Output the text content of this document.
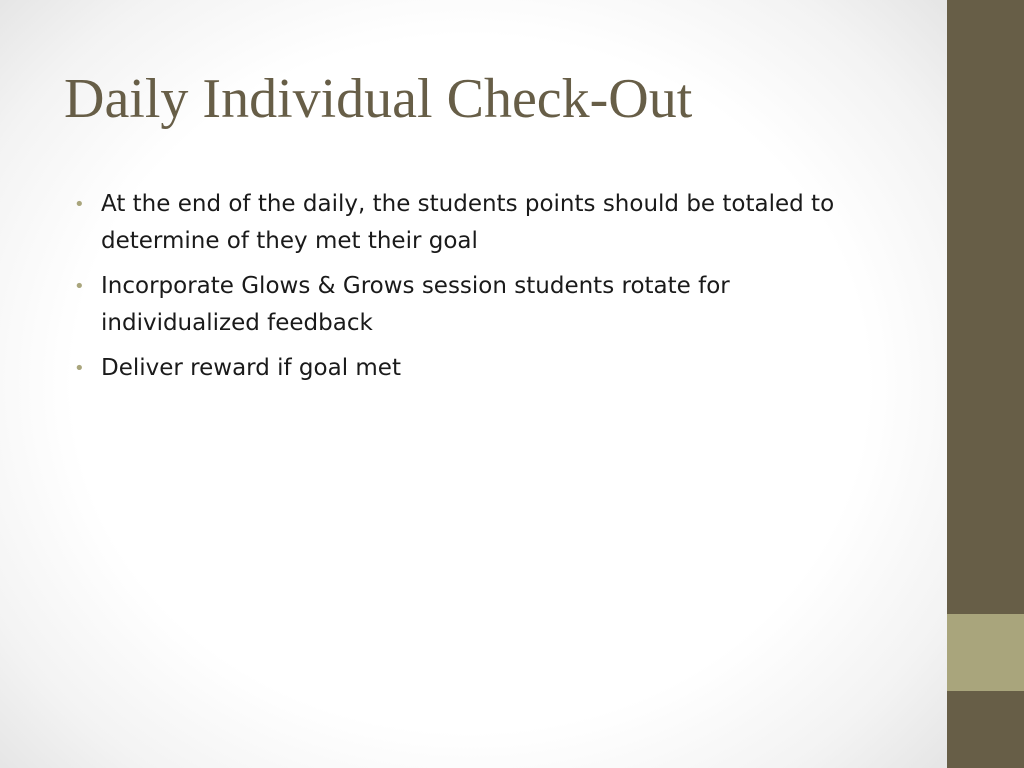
Daily Individual Check-Out
• At the end of the daily, the students points should be totaled to determine of they met their goal
• Incorporate Glows & Grows session students rotate for individualized feedback
• Deliver reward if goal met
